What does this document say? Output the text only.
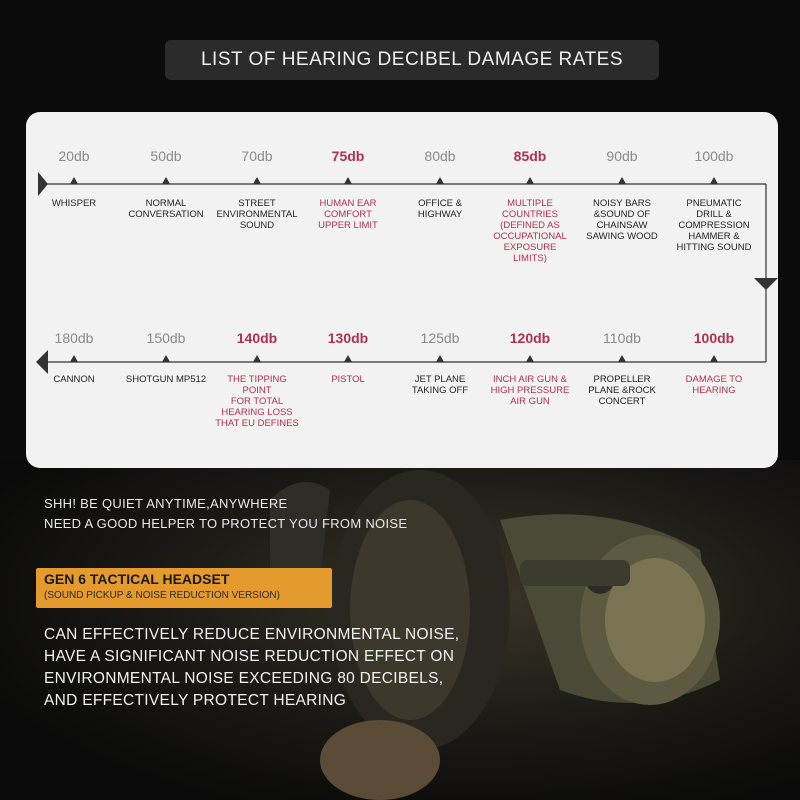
LIST OF HEARING DECIBEL DAMAGE RATES
20db
WHISPER
50db
NORMAL
CONVERSATION
70db
STREET
ENVIRONMENTAL
SOUND
75db
HUMAN EAR
COMFORT
UPPER LIMIT
80db
OFFICE &
HIGHWAY
85db
MULTIPLE
COUNTRIES
(DEFINED AS
OCCUPATIONAL
EXPOSURE
LIMITS)
90db
NOISY BARS
&SOUND OF
CHAINSAW
SAWING WOOD
100db
PNEUMATIC
DRILL &
COMPRESSION
HAMMER &
HITTING SOUND
180db
CANNON
150db
SHOTGUN MP512
140db
THE TIPPING
POINT
FOR TOTAL
HEARING LOSS
THAT EU DEFINES
130db
PISTOL
125db
JET PLANE
TAKING OFF
120db
INCH AIR GUN &
HIGH PRESSURE
AIR GUN
110db
PROPELLER
PLANE &ROCK
CONCERT
100db
DAMAGE TO
HEARING
SHH! BE QUIET ANYTIME,ANYWHERE
NEED A GOOD HELPER TO PROTECT YOU FROM NOISE
GEN 6 TACTICAL HEADSET
(SOUND PICKUP & NOISE REDUCTION VERSION)
CAN EFFECTIVELY REDUCE ENVIRONMENTAL NOISE,
HAVE A SIGNIFICANT NOISE REDUCTION EFFECT ON
ENVIRONMENTAL NOISE EXCEEDING 80 DECIBELS,
AND EFFECTIVELY PROTECT HEARING
